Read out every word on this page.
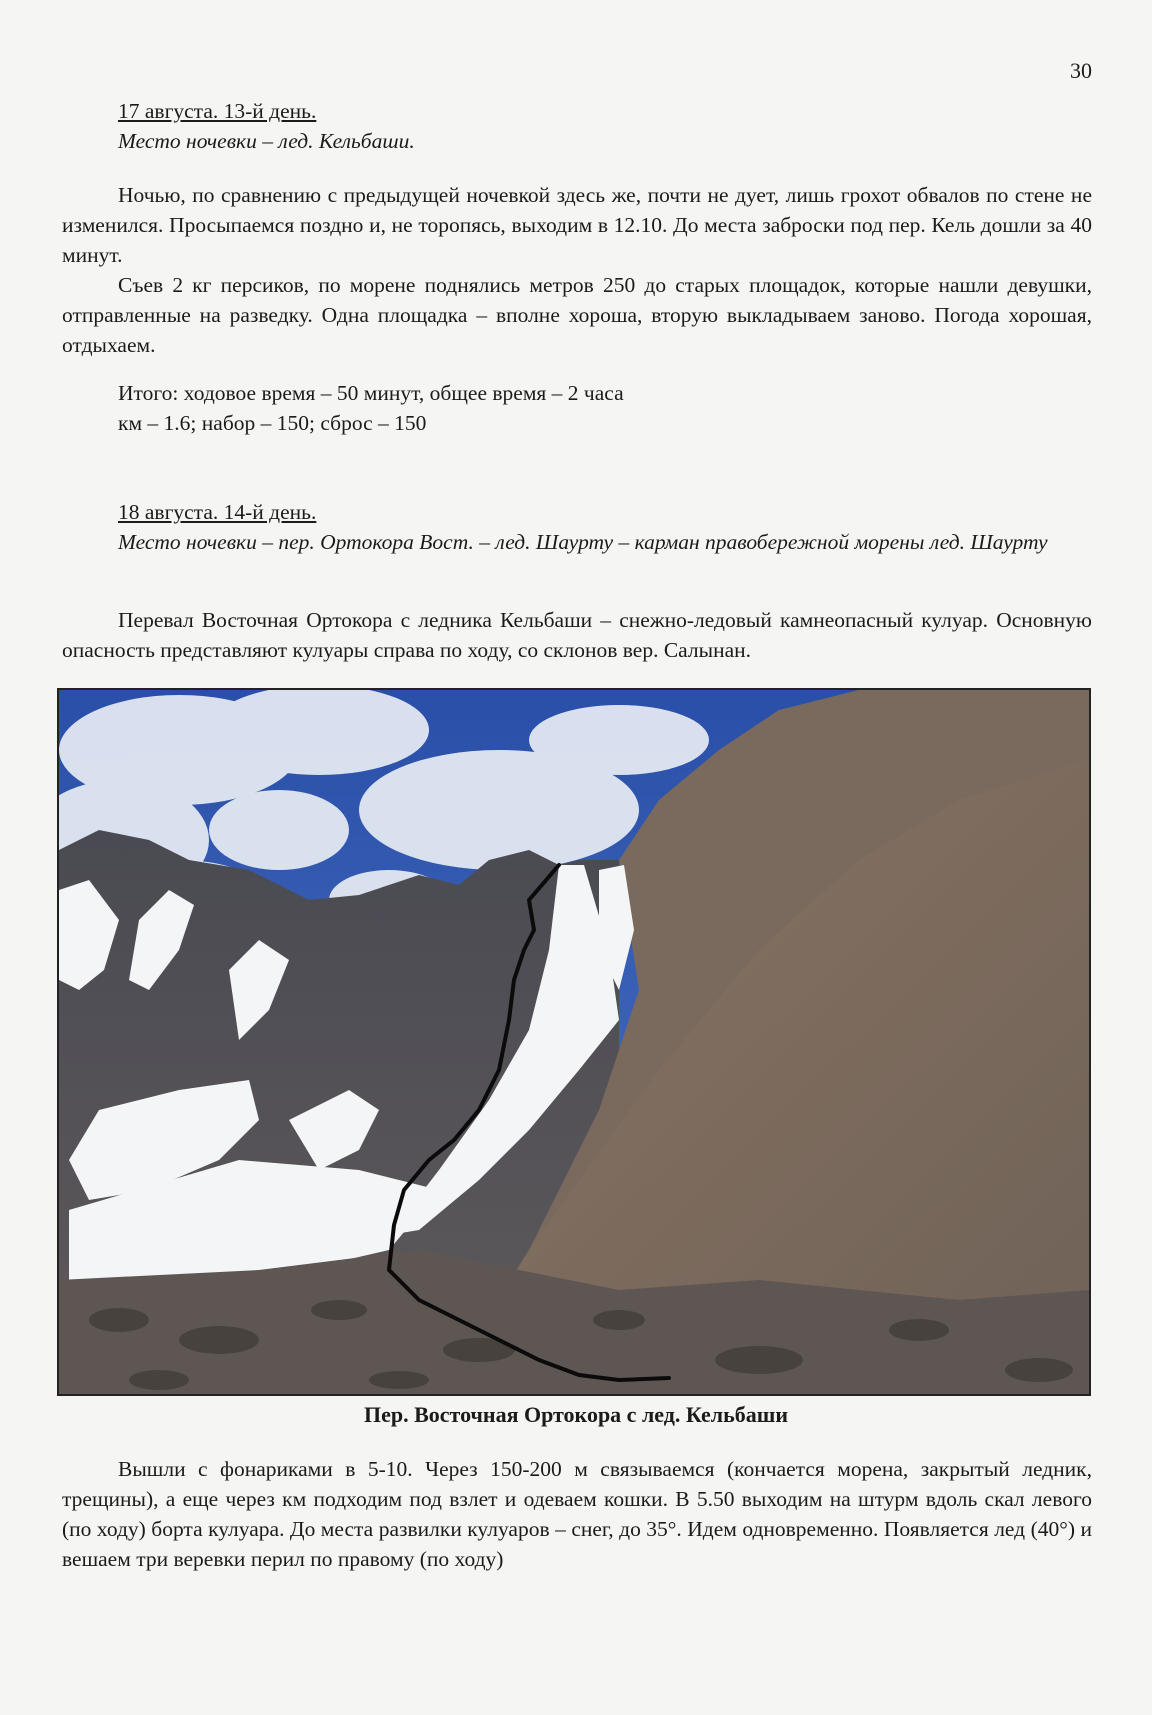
30
17 августа. 13-й день.
Место ночевки – лед. Кельбаши.

Ночью, по сравнению с предыдущей ночевкой здесь же, почти не дует, лишь грохот обвалов по стене не изменился. Просыпаемся поздно и, не торопясь, выходим в 12.10. До места заброски под пер. Кель дошли за 40 минут.

Съев 2 кг персиков, по морене поднялись метров 250 до старых площадок, которые нашли девушки, отправленные на разведку. Одна площадка – вполне хороша, вторую выкладываем заново. Погода хорошая, отдыхаем.

Итого: ходовое время – 50 минут, общее время – 2 часа
км – 1.6; набор – 150; сброс – 150
18 августа. 14-й день.
Место ночевки – пер. Ортокора Вост. – лед. Шаурту – карман правобережной морены лед. Шаурту

Перевал Восточная Ортокора с ледника Кельбаши – снежно-ледовый камнеопасный кулуар. Основную опасность представляют кулуары справа по ходу, со склонов вер. Салынан.

Пер. Восточная Ортокора с лед. Кельбаши

Вышли с фонариками в 5-10. Через 150-200 м связываемся (кончается морена, закрытый ледник, трещины), а еще через км подходим под взлет и одеваем кошки. В 5.50 выходим на штурм вдоль скал левого (по ходу) борта кулуара. До места развилки кулуаров – снег, до 35°. Идем одновременно. Появляется лед (40°) и вешаем три веревки перил по правому (по ходу)
